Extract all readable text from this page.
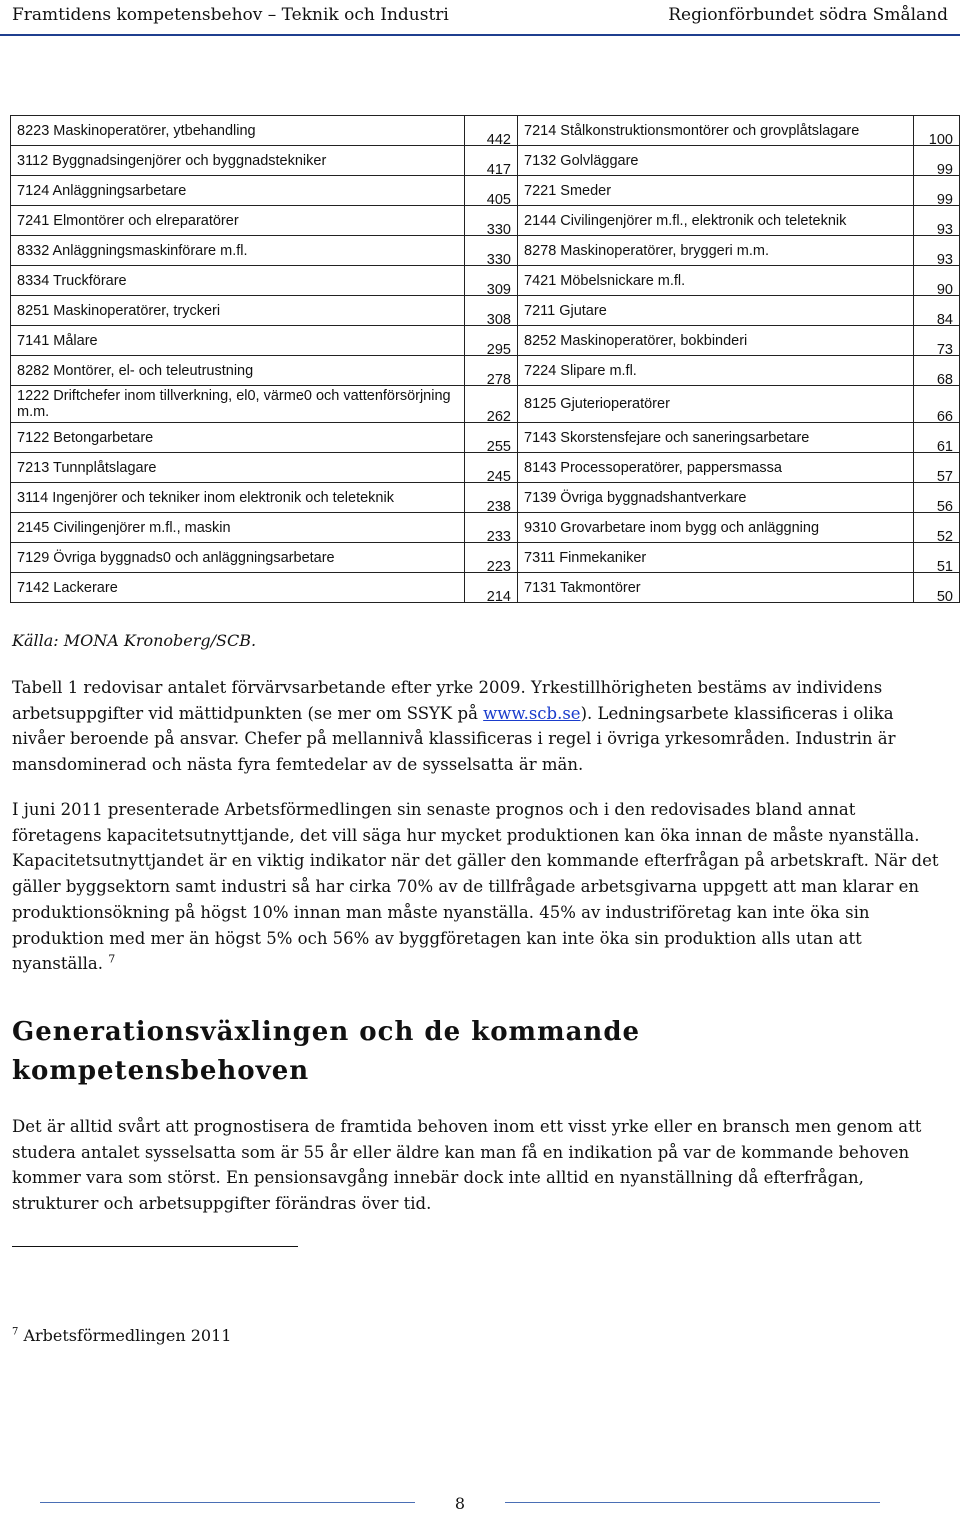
Framtidens kompetensbehov – Teknik och Industri	Regionförbundet södra Småland
8223 Maskinoperatörer, ytbehandling	442	7214 Stålkonstruktionsmontörer och grovplåtslagare	100
3112 Byggnadsingenjörer och byggnadstekniker	417	7132 Golvläggare	99
7124 Anläggningsarbetare	405	7221 Smeder	99
7241 Elmontörer och elreparatörer	330	2144 Civilingenjörer m.fl., elektronik och teleteknik	93
8332 Anläggningsmaskinförare m.fl.	330	8278 Maskinoperatörer, bryggeri m.m.	93
8334 Truckförare	309	7421 Möbelsnickare m.fl.	90
8251 Maskinoperatörer, tryckeri	308	7211 Gjutare	84
7141 Målare	295	8252 Maskinoperatörer, bokbinderi	73
8282 Montörer, el- och teleutrustning	278	7224 Slipare m.fl.	68
1222 Driftchefer inom tillverkning, el0, värme0 och vattenförsörjning m.m.	262	8125 Gjuterioperatörer	66
7122 Betongarbetare	255	7143 Skorstensfejare och saneringsarbetare	61
7213 Tunnplåtslagare	245	8143 Processoperatörer, pappersmassa	57
3114 Ingenjörer och tekniker inom elektronik och teleteknik	238	7139 Övriga byggnadshantverkare	56
2145 Civilingenjörer m.fl., maskin	233	9310 Grovarbetare inom bygg och anläggning	52
7129 Övriga byggnads0 och anläggningsarbetare	223	7311 Finmekaniker	51
7142 Lackerare	214	7131 Takmontörer	50
Källa: MONA Kronoberg/SCB.

Tabell 1 redovisar antalet förvärvsarbetande efter yrke 2009. Yrkestillhörigheten bestäms av individens arbetsuppgifter vid mättidpunkten (se mer om SSYK på www.scb.se). Ledningsarbete klassificeras i olika nivåer beroende på ansvar. Chefer på mellannivå klassificeras i regel i övriga yrkesområden. Industrin är mansdominerad och nästa fyra femtedelar av de sysselsatta är män.

I juni 2011 presenterade Arbetsförmedlingen sin senaste prognos och i den redovisades bland annat företagens kapacitetsutnyttjande, det vill säga hur mycket produktionen kan öka innan de måste nyanställa. Kapacitetsutnyttjandet är en viktig indikator när det gäller den kommande efterfrågan på arbetskraft. När det gäller byggsektorn samt industri så har cirka 70% av de tillfrågade arbetsgivarna uppgett att man klarar en produktionsökning på högst 10% innan man måste nyanställa. 45% av industriföretag kan inte öka sin produktion med mer än högst 5% och 56% av byggföretagen kan inte öka sin produktion alls utan att nyanställa. $^7$

Generationsväxlingen och de kommande kompetensbehoven

Det är alltid svårt att prognostisera de framtida behoven inom ett visst yrke eller en bransch men genom att studera antalet sysselsatta som är 55 år eller äldre kan man få en indikation på var de kommande behoven kommer vara som störst. En pensionsavgång innebär dock inte alltid en nyanställning då efterfrågan, strukturer och arbetsuppgifter förändras över tid.

$^7$ Arbetsförmedlingen 2011
8
